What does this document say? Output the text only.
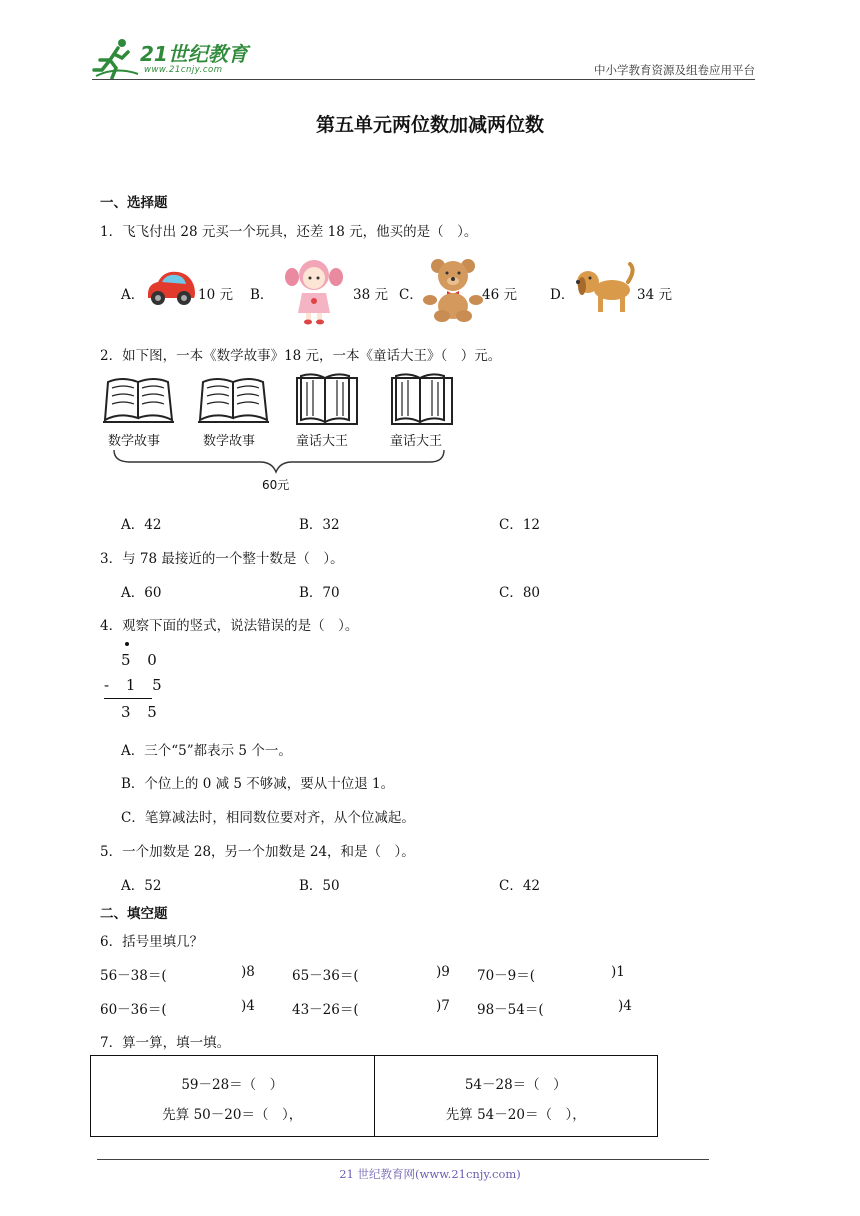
21世纪教育
www.21cnjy.com	中小学教育资源及组卷应用平台
第五单元两位数加减两位数
一、选择题
1．飞飞付出 28 元买一个玩具，还差 18 元，他买的是（　）。
A．	10 元 B．	38 元 C．	46 元 D．	34 元
2．如下图，一本《数学故事》18 元，一本《童话大王》（　）元。
数学故事	数学故事	童话大王	童话大王
60元
A．42	B．32	C．12
3．与 78 最接近的一个整十数是（　）。
A．60	B．70	C．80
4．观察下面的竖式，说法错误的是（　）。
5 0
- 1 5
3 5
A．三个“5”都表示 5 个一。
B．个位上的 0 减 5 不够减，要从十位退 1。
C．笔算减法时，相同数位要对齐，从个位减起。
5．一个加数是 28，另一个加数是 24，和是（　）。
A．52	B．50	C．42
二、填空题
6．括号里填几？
56－38＝(	)8	65－36＝(	)9 70－9＝(	)1
60－36＝(	)4	43－26＝(	)7 98－54＝(	)4
7．算一算，填一填。
59－28＝（　）
先算 50－20＝（　），

54－28＝（　）
先算 54－20＝（　），
21 世纪教育网(www.21cnjy.com)
